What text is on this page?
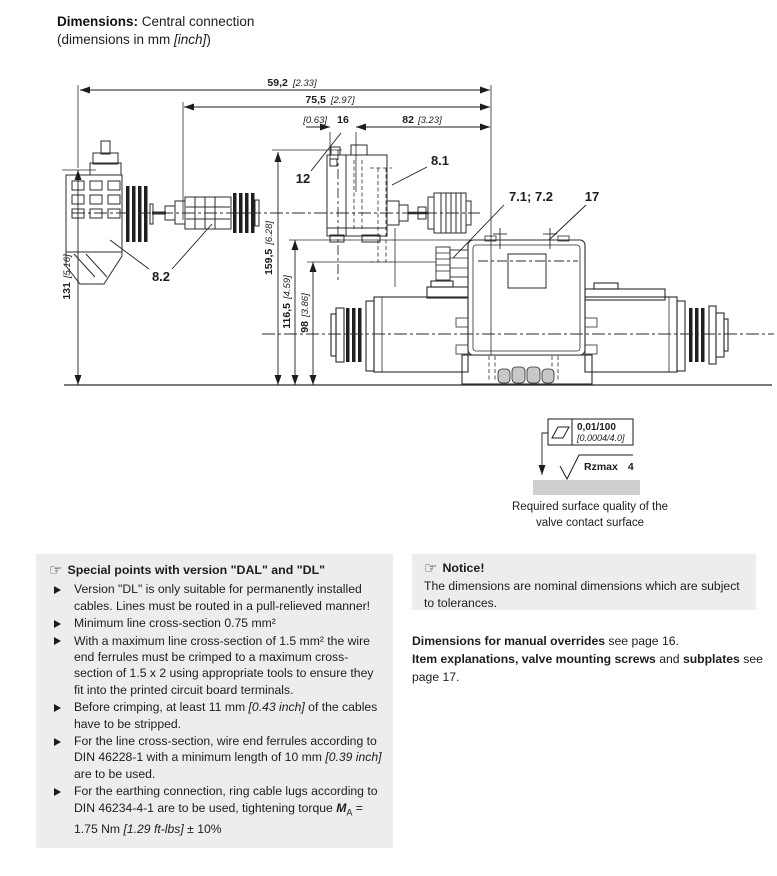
Dimensions: Central connection
(dimensions in mm [inch])
59,2 [2.33]
75,5 [2.97]
[0.63] 16	82 [3.23]
131[5.16]	159,5[6.28]
116,5[4.59]
98[3.86]
12
8.1
8.2
7.1; 7.2 17
0,01/100
[0.0004/4.0]
Rzmax 4
Required surface quality of the
valve contact surface

☞ Special points with version "DAL" and "DL"

Version "DL" is only suitable for permanently installed cables. Lines must be routed in a pull-relieved manner!
Minimum line cross-section 0.75 mm²
With a maximum line cross-section of 1.5 mm² the wire end ferrules must be crimped to a maximum cross-section of 1.5 x 2 using appropriate tools to ensure they fit into the printed circuit board terminals.
Before crimping, at least 11 mm [0.43 inch] of the cables have to be stripped.
For the line cross-section, wire end ferrules according to DIN 46228-1 with a minimum length of 10 mm [0.39 inch] are to be used.
For the earthing connection, ring cable lugs according to DIN 46234-4-1 are to be used, tightening torque $M_A = 1.75$ Nm [1.29 ft-lbs] ± 10%

☞ Notice!

The dimensions are nominal dimensions which are subject to tolerances.

Dimensions for manual overrides see page 16.

Item explanations, valve mounting screws and subplates see page 17.
